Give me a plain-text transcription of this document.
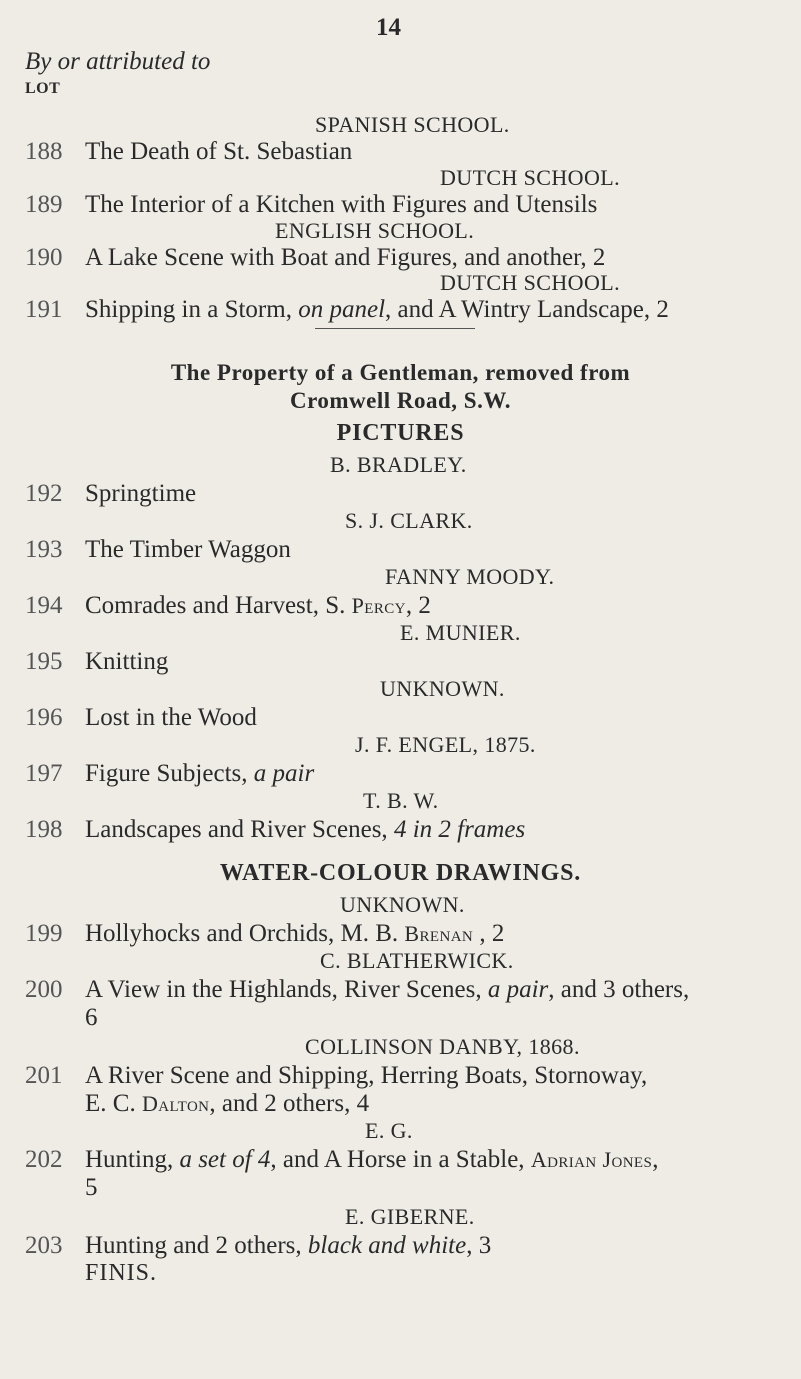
14
By or attributed to
LOT
SPANISH SCHOOL.
188 The Death of St. Sebastian
DUTCH SCHOOL.
189 The Interior of a Kitchen with Figures and Utensils
ENGLISH SCHOOL.
190 A Lake Scene with Boat and Figures, and another, 2
DUTCH SCHOOL.
191 Shipping in a Storm, on panel, and A Wintry Landscape, 2
The Property of a Gentleman, removed from
Cromwell Road, S.W.
PICTURES
B. BRADLEY.
192 Springtime
S. J. CLARK.
193 The Timber Waggon
FANNY MOODY.
194 Comrades and Harvest, S. Percy, 2
E. MUNIER.
195 Knitting
UNKNOWN.
196 Lost in the Wood
J. F. ENGEL, 1875.
197 Figure Subjects, a pair
T. B. W.
198 Landscapes and River Scenes, 4 in 2 frames
WATER-COLOUR DRAWINGS.
UNKNOWN.
199 Hollyhocks and Orchids, M. B. Brenan , 2
C. BLATHERWICK.
200 A View in the Highlands, River Scenes, a pair, and 3 others,
6
COLLINSON DANBY, 1868.
201 A River Scene and Shipping, Herring Boats, Stornoway,
E. C. Dalton, and 2 others, 4
E. G.
202 Hunting, a set of 4, and A Horse in a Stable, Adrian Jones,
5
E. GIBERNE.
203 Hunting and 2 others, black and white, 3
FINIS.
